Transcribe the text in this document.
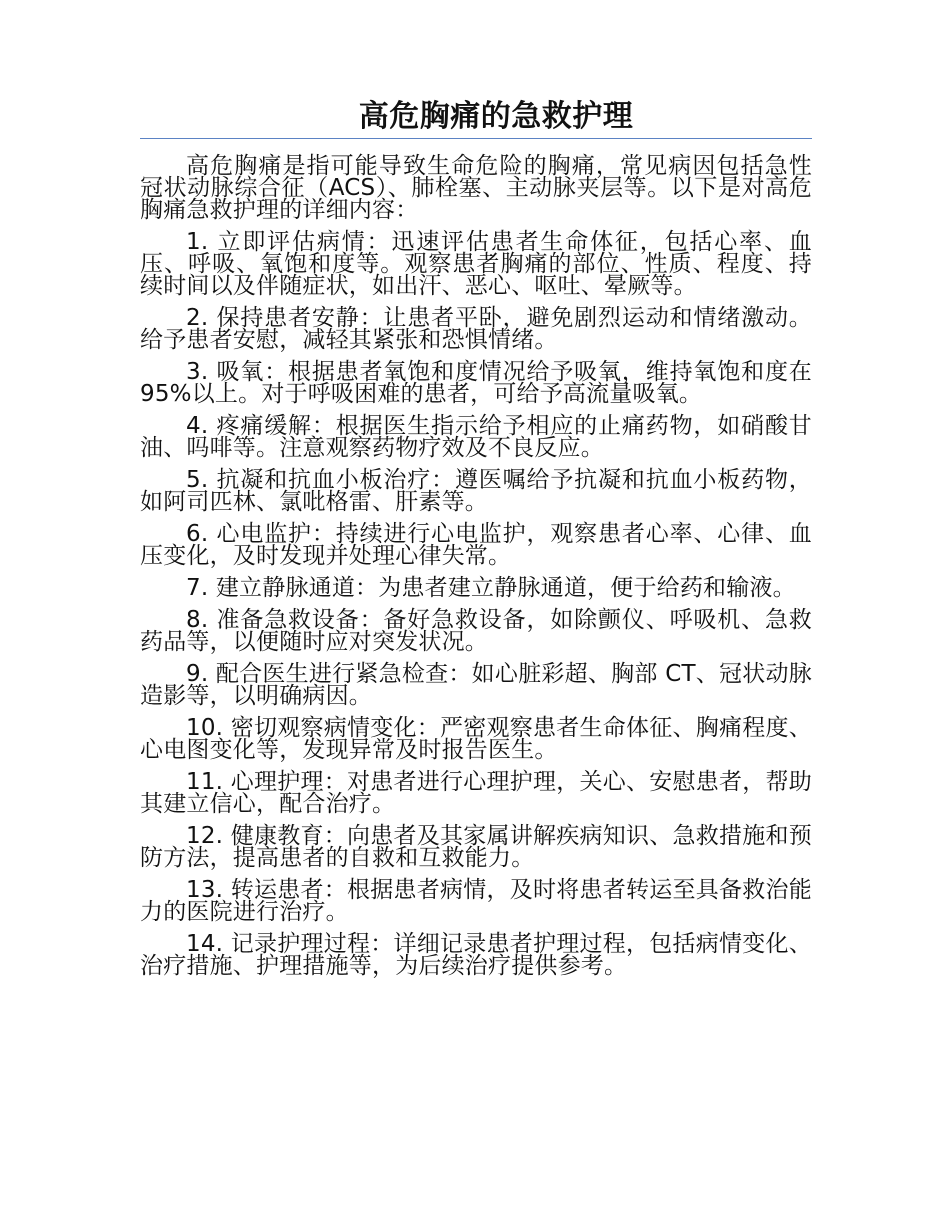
高危胸痛的急救护理

高危胸痛是指可能导致生命危险的胸痛，常见病因包括急性冠状动脉综合征（ACS）、肺栓塞、主动脉夹层等。以下是对高危胸痛急救护理的详细内容：

1. 立即评估病情：迅速评估患者生命体征，包括心率、血压、呼吸、氧饱和度等。观察患者胸痛的部位、性质、程度、持续时间以及伴随症状，如出汗、恶心、呕吐、晕厥等。

2. 保持患者安静：让患者平卧，避免剧烈运动和情绪激动。给予患者安慰，减轻其紧张和恐惧情绪。

3. 吸氧：根据患者氧饱和度情况给予吸氧，维持氧饱和度在 95%以上。对于呼吸困难的患者，可给予高流量吸氧。

4. 疼痛缓解：根据医生指示给予相应的止痛药物，如硝酸甘油、吗啡等。注意观察药物疗效及不良反应。

5. 抗凝和抗血小板治疗：遵医嘱给予抗凝和抗血小板药物，如阿司匹林、氯吡格雷、肝素等。

6. 心电监护：持续进行心电监护，观察患者心率、心律、血压变化，及时发现并处理心律失常。

7. 建立静脉通道：为患者建立静脉通道，便于给药和输液。

8. 准备急救设备：备好急救设备，如除颤仪、呼吸机、急救药品等，以便随时应对突发状况。

9. 配合医生进行紧急检查：如心脏彩超、胸部 CT、冠状动脉造影等，以明确病因。

10. 密切观察病情变化：严密观察患者生命体征、胸痛程度、心电图变化等，发现异常及时报告医生。

11. 心理护理：对患者进行心理护理，关心、安慰患者，帮助其建立信心，配合治疗。

12. 健康教育：向患者及其家属讲解疾病知识、急救措施和预防方法，提高患者的自救和互救能力。

13. 转运患者：根据患者病情，及时将患者转运至具备救治能力的医院进行治疗。

14. 记录护理过程：详细记录患者护理过程，包括病情变化、治疗措施、护理措施等，为后续治疗提供参考。
